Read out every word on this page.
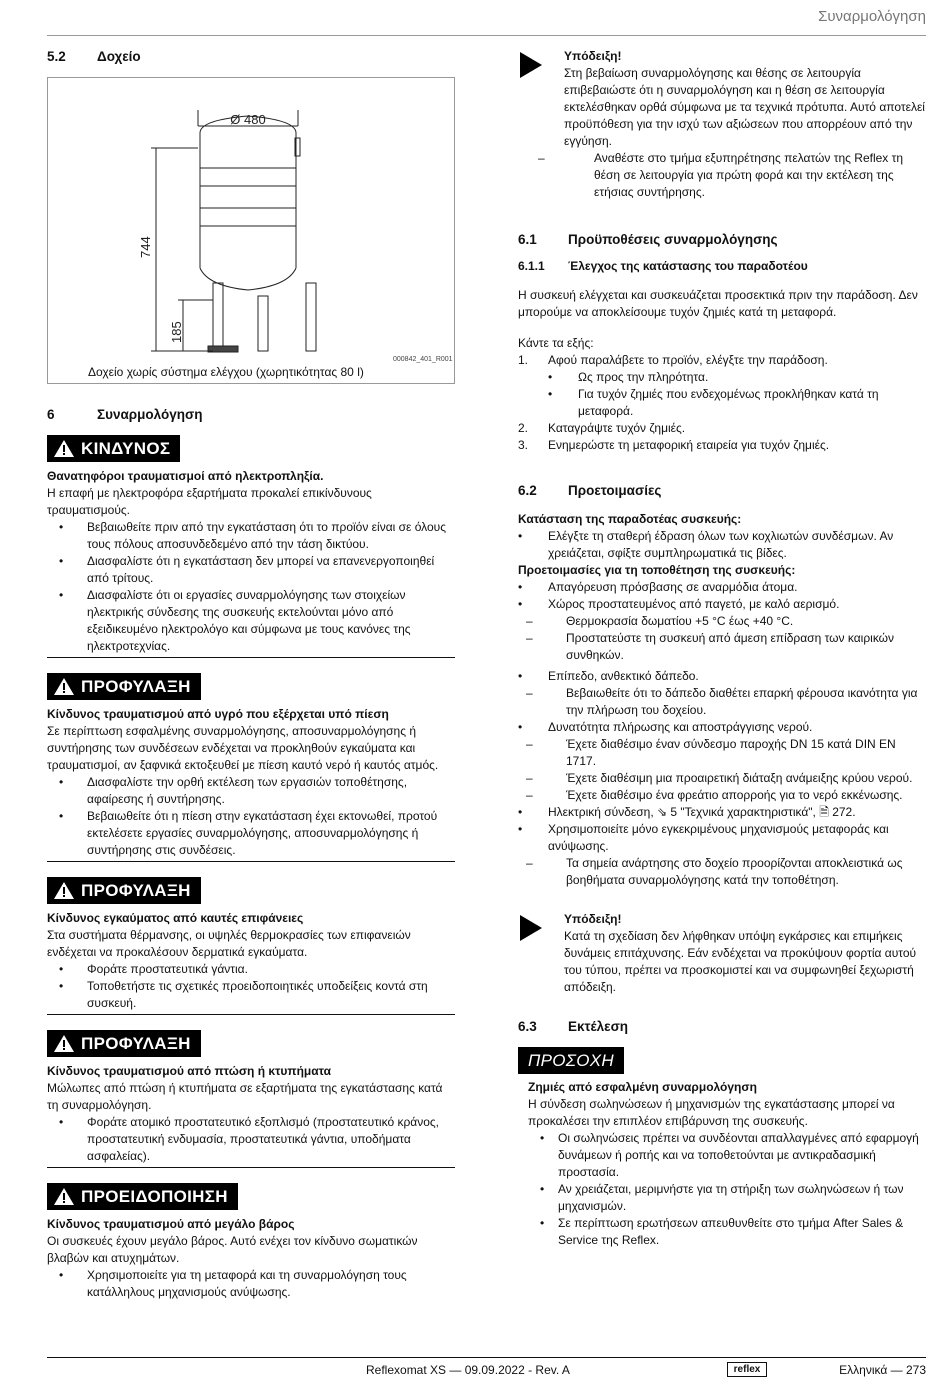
Συναρμολόγηση
5.2	Δοχείο
Ø 480
744
185
000842_401_R001
Δοχείο χωρίς σύστημα ελέγχου (χωρητικότητας 80 l)
6	Συναρμολόγηση
ΚΙΝΔΥΝΟΣ

Θανατηφόροι τραυματισμοί από ηλεκτροπληξία.

Η επαφή με ηλεκτροφόρα εξαρτήματα προκαλεί επικίνδυνους τραυματισμούς.

• Βεβαιωθείτε πριν από την εγκατάσταση ότι το προϊόν είναι σε όλους τους πόλους αποσυνδεδεμένο από την τάση δικτύου.
• Διασφαλίστε ότι η εγκατάσταση δεν μπορεί να επανενεργοποιηθεί από τρίτους.
• Διασφαλίστε ότι οι εργασίες συναρμολόγησης των στοιχείων ηλεκτρικής σύνδεσης της συσκευής εκτελούνται μόνο από εξειδικευμένο ηλεκτρολόγο και σύμφωνα με τους κανόνες της ηλεκτροτεχνίας.
ΠΡΟΦΥΛΑΞΗ

Κίνδυνος τραυματισμού από υγρό που εξέρχεται υπό πίεση

Σε περίπτωση εσφαλμένης συναρμολόγησης, αποσυναρμολόγησης ή συντήρησης των συνδέσεων ενδέχεται να προκληθούν εγκαύματα και τραυματισμοί, αν ξαφνικά εκτοξευθεί με πίεση καυτό νερό ή καυτός ατμός.

• Διασφαλίστε την ορθή εκτέλεση των εργασιών τοποθέτησης, αφαίρεσης ή συντήρησης.
• Βεβαιωθείτε ότι η πίεση στην εγκατάσταση έχει εκτονωθεί, προτού εκτελέσετε εργασίες συναρμολόγησης, αποσυναρμολόγησης ή συντήρησης στις συνδέσεις.
ΠΡΟΦΥΛΑΞΗ

Κίνδυνος εγκαύματος από καυτές επιφάνειες

Στα συστήματα θέρμανσης, οι υψηλές θερμοκρασίες των επιφανειών ενδέχεται να προκαλέσουν δερματικά εγκαύματα.

• Φοράτε προστατευτικά γάντια.
• Τοποθετήστε τις σχετικές προειδοποιητικές υποδείξεις κοντά στη συσκευή.
ΠΡΟΦΥΛΑΞΗ

Κίνδυνος τραυματισμού από πτώση ή κτυπήματα

Μώλωπες από πτώση ή κτυπήματα σε εξαρτήματα της εγκατάστασης κατά τη συναρμολόγηση.

• Φοράτε ατομικό προστατευτικό εξοπλισμό (προστατευτικό κράνος, προστατευτική ενδυμασία, προστατευτικά γάντια, υποδήματα ασφαλείας).
ΠΡΟΕΙΔΟΠΟΙΗΣΗ

Κίνδυνος τραυματισμού από μεγάλο βάρος

Οι συσκευές έχουν μεγάλο βάρος. Αυτό ενέχει τον κίνδυνο σωματικών βλαβών και ατυχημάτων.

• Χρησιμοποιείτε για τη μεταφορά και τη συναρμολόγηση τους κατάλληλους μηχανισμούς ανύψωσης.

Υπόδειξη!

Στη βεβαίωση συναρμολόγησης και θέσης σε λειτουργία επιβεβαιώστε ότι η συναρμολόγηση και η θέση σε λειτουργία εκτελέσθηκαν ορθά σύμφωνα με τα τεχνικά πρότυπα. Αυτό αποτελεί προϋπόθεση για την ισχύ των αξιώσεων που απορρέουν από την εγγύηση.

– Αναθέστε στο τμήμα εξυπηρέτησης πελατών της Reflex τη θέση σε λειτουργία για πρώτη φορά και την εκτέλεση της ετήσιας συντήρησης.
6.1	Προϋποθέσεις συναρμολόγησης
6.1.1	Έλεγχος της κατάστασης του παραδοτέου

Η συσκευή ελέγχεται και συσκευάζεται προσεκτικά πριν την παράδοση. Δεν μπορούμε να αποκλείσουμε τυχόν ζημιές κατά τη μεταφορά.

Κάντε τα εξής:

1. Αφού παραλάβετε το προϊόν, ελέγξτε την παράδοση.
• Ως προς την πληρότητα.
• Για τυχόν ζημιές που ενδεχομένως προκλήθηκαν κατά τη μεταφορά.
2. Καταγράψτε τυχόν ζημιές.
3. Ενημερώστε τη μεταφορική εταιρεία για τυχόν ζημιές.
6.2	Προετοιμασίες

Κατάσταση της παραδοτέας συσκευής:

• Ελέγξτε τη σταθερή έδραση όλων των κοχλιωτών συνδέσμων. Αν χρειάζεται, σφίξτε συμπληρωματικά τις βίδες.

Προετοιμασίες για τη τοποθέτηση της συσκευής:

• Απαγόρευση πρόσβασης σε αναρμόδια άτομα.
• Χώρος προστατευμένος από παγετό, με καλό αερισμό.
– Θερμοκρασία δωματίου +5 °C έως +40 °C.
– Προστατεύστε τη συσκευή από άμεση επίδραση των καιρικών συνθηκών.
• Επίπεδο, ανθεκτικό δάπεδο.
– Βεβαιωθείτε ότι το δάπεδο διαθέτει επαρκή φέρουσα ικανότητα για την πλήρωση του δοχείου.
• Δυνατότητα πλήρωσης και αποστράγγισης νερού.
– Έχετε διαθέσιμο έναν σύνδεσμο παροχής DN 15 κατά DIN EN 1717.
– Έχετε διαθέσιμη μια προαιρετική διάταξη ανάμειξης κρύου νερού.
– Έχετε διαθέσιμο ένα φρεάτιο απορροής για το νερό εκκένωσης.
• Ηλεκτρική σύνδεση, ⇘ 5 "Τεχνικά χαρακτηριστικά", 🗎 272.
• Χρησιμοποιείτε μόνο εγκεκριμένους μηχανισμούς μεταφοράς και ανύψωσης.
– Τα σημεία ανάρτησης στο δοχείο προορίζονται αποκλειστικά ως βοηθήματα συναρμολόγησης κατά την τοποθέτηση.

Υπόδειξη!

Κατά τη σχεδίαση δεν λήφθηκαν υπόψη εγκάρσιες και επιμήκεις δυνάμεις επιτάχυνσης. Εάν ενδέχεται να προκύψουν φορτία αυτού του τύπου, πρέπει να προσκομιστεί και να συμφωνηθεί ξεχωριστή απόδειξη.

6.3	Εκτέλεση
ΠΡΟΣΟΧΗ

Ζημιές από εσφαλμένη συναρμολόγηση

Η σύνδεση σωληνώσεων ή μηχανισμών της εγκατάστασης μπορεί να προκαλέσει την επιπλέον επιβάρυνση της συσκευής.

• Οι σωληνώσεις πρέπει να συνδέονται απαλλαγμένες από εφαρμογή δυνάμεων ή ροπής και να τοποθετούνται με αντικραδασμική προστασία.
• Αν χρειάζεται, μεριμνήστε για τη στήριξη των σωληνώσεων ή των μηχανισμών.
• Σε περίπτωση ερωτήσεων απευθυνθείτε στο τμήμα After Sales & Service της Reflex.
Reflexomat XS — 09.09.2022 - Rev. A	reflex	Ελληνικά — 273
